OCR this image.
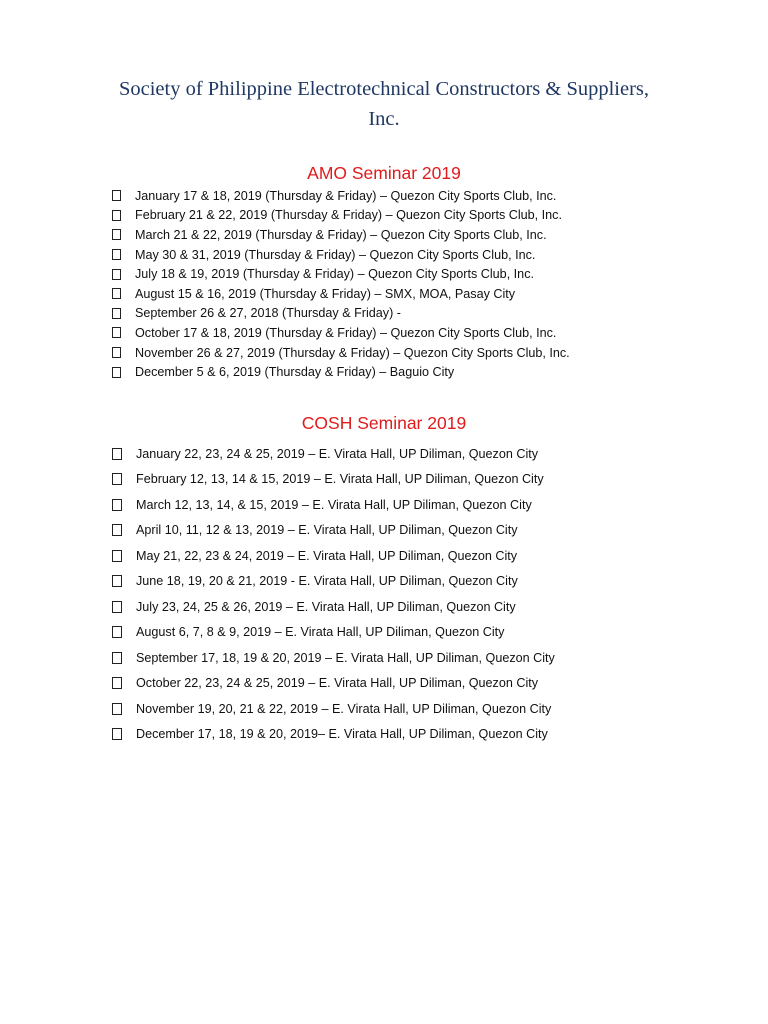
Society of Philippine Electrotechnical Constructors & Suppliers,
Inc.
AMO Seminar 2019
January 17 & 18, 2019 (Thursday & Friday) – Quezon City Sports Club, Inc.
February 21 & 22, 2019 (Thursday & Friday) – Quezon City Sports Club, Inc.
March 21 & 22, 2019 (Thursday & Friday) – Quezon City Sports Club, Inc.
May 30 & 31, 2019 (Thursday & Friday) – Quezon City Sports Club, Inc.
July 18 & 19, 2019 (Thursday & Friday) – Quezon City Sports Club, Inc.
August 15 & 16, 2019 (Thursday & Friday) – SMX, MOA, Pasay City
September 26 & 27, 2018 (Thursday & Friday) -
October 17 & 18, 2019 (Thursday & Friday) – Quezon City Sports Club, Inc.
November 26 & 27, 2019 (Thursday & Friday) – Quezon City Sports Club, Inc.
December 5 & 6, 2019 (Thursday & Friday) – Baguio City
COSH Seminar 2019
January 22, 23, 24 & 25, 2019 – E. Virata Hall, UP Diliman, Quezon City
February 12, 13, 14 & 15, 2019 – E. Virata Hall, UP Diliman, Quezon City
March 12, 13, 14, & 15, 2019 – E. Virata Hall, UP Diliman, Quezon City
April 10, 11, 12 & 13, 2019 – E. Virata Hall, UP Diliman, Quezon City
May 21, 22, 23 & 24, 2019 – E. Virata Hall, UP Diliman, Quezon City
June 18, 19, 20 & 21, 2019 - E. Virata Hall, UP Diliman, Quezon City
July 23, 24, 25 & 26, 2019 – E. Virata Hall, UP Diliman, Quezon City
August 6, 7, 8 & 9, 2019 – E. Virata Hall, UP Diliman, Quezon City
September 17, 18, 19 & 20, 2019 – E. Virata Hall, UP Diliman, Quezon City
October 22, 23, 24 & 25, 2019 – E. Virata Hall, UP Diliman, Quezon City
November 19, 20, 21 & 22, 2019 – E. Virata Hall, UP Diliman, Quezon City
December 17, 18, 19 & 20, 2019– E. Virata Hall, UP Diliman, Quezon City
